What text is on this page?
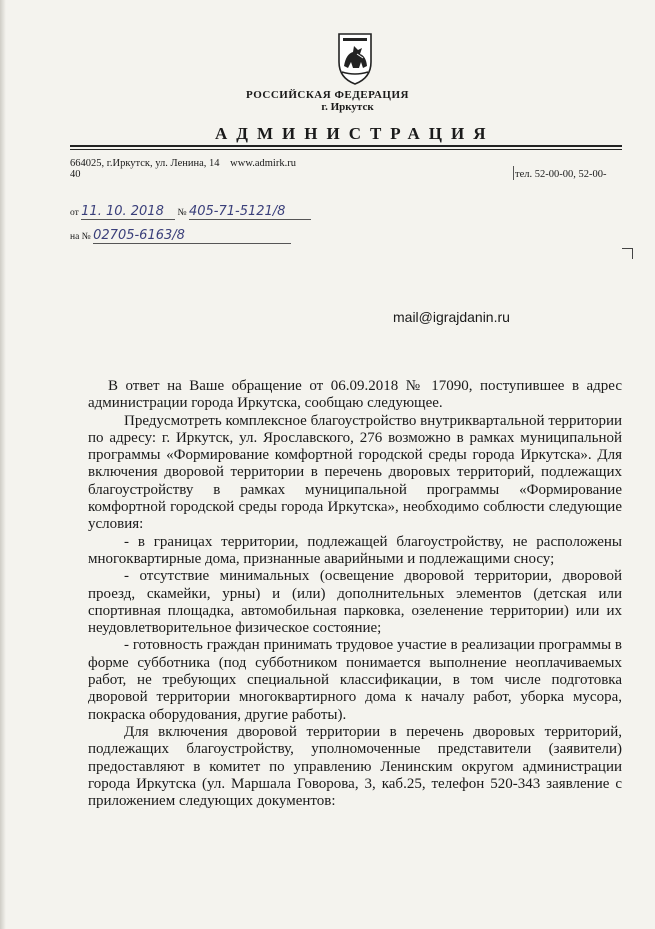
РОССИЙСКАЯ ФЕДЕРАЦИЯ
г. Иркутск
АДМИНИСТРАЦИЯ
664025, г.Иркутск, ул. Ленина, 14 www.admirk.ru
40	тел. 52-00-00, 52-00-
от 11. 10. 2018 № 405-71-5121/8
на № 02705-6163/8
mail@igrajdanin.ru

В ответ на Ваше обращение от 06.09.2018 № 17090, поступившее в адрес администрации города Иркутска, сообщаю следующее.

Предусмотреть комплексное благоустройство внутриквартальной территории по адресу: г. Иркутск, ул. Ярославского, 276 возможно в рамках муниципальной программы «Формирование комфортной городской среды города Иркутска». Для включения дворовой территории в перечень дворовых территорий, подлежащих благоустройству в рамках муниципальной программы «Формирование комфортной городской среды города Иркутска», необходимо соблюсти следующие условия:

- в границах территории, подлежащей благоустройству, не расположены многоквартирные дома, признанные аварийными и подлежащими сносу;

- отсутствие минимальных (освещение дворовой территории, дворовой проезд, скамейки, урны) и (или) дополнительных элементов (детская или спортивная площадка, автомобильная парковка, озеленение территории) или их неудовлетворительное физическое состояние;

- готовность граждан принимать трудовое участие в реализации программы в форме субботника (под субботником понимается выполнение неоплачиваемых работ, не требующих специальной классификации, в том числе подготовка дворовой территории многоквартирного дома к началу работ, уборка мусора, покраска оборудования, другие работы).

Для включения дворовой территории в перечень дворовых территорий, подлежащих благоустройству, уполномоченные представители (заявители) предоставляют в комитет по управлению Ленинским округом администрации города Иркутска (ул. Маршала Говорова, 3, каб.25, телефон 520-343 заявление с приложением следующих документов:
